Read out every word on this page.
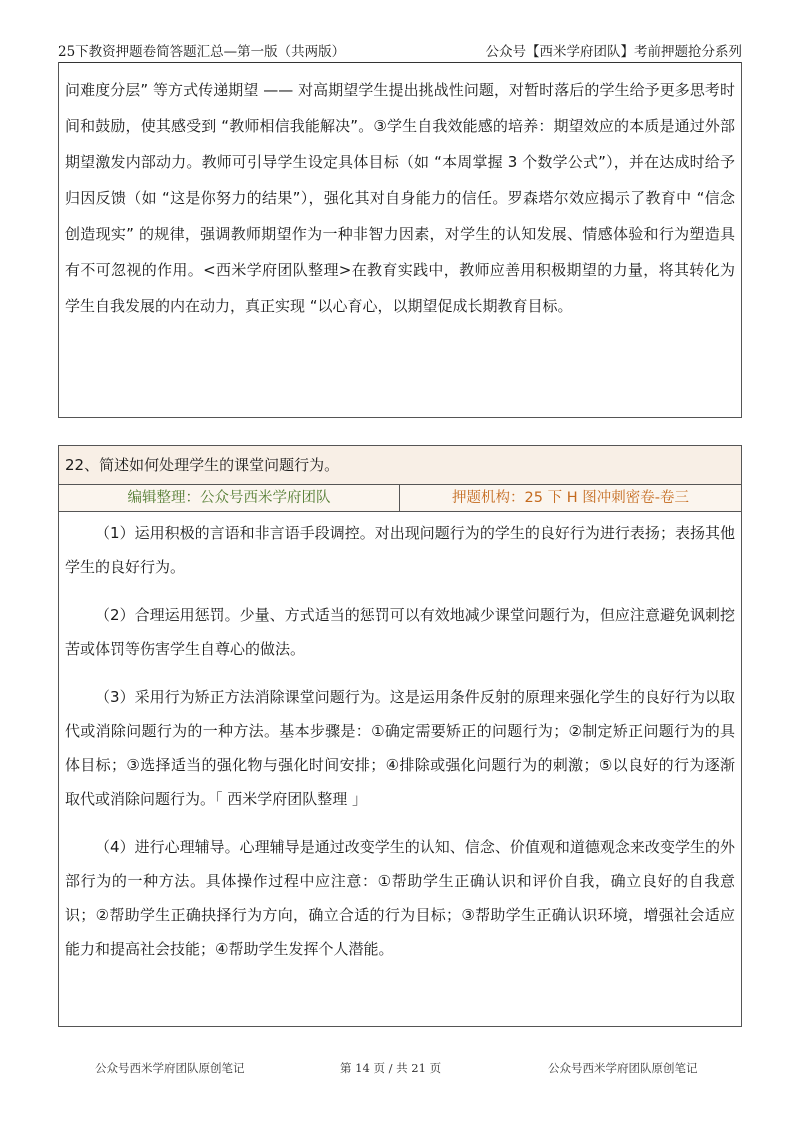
25下教资押题卷简答题汇总—第一版（共两版）	公众号【西米学府团队】考前押题抢分系列

问难度分层” 等方式传递期望 —— 对高期望学生提出挑战性问题，对暂时落后的学生给予更多思考时间和鼓励，使其感受到 “教师相信我能解决”。③学生自我效能感的培养：期望效应的本质是通过外部期望激发内部动力。教师可引导学生设定具体目标（如 “本周掌握 3 个数学公式”），并在达成时给予归因反馈（如 “这是你努力的结果”），强化其对自身能力的信任。罗森塔尔效应揭示了教育中 “信念创造现实” 的规律，强调教师期望作为一种非智力因素，对学生的认知发展、情感体验和行为塑造具有不可忽视的作用。<西米学府团队整理>在教育实践中，教师应善用积极期望的力量，将其转化为学生自我发展的内在动力，真正实现 “以心育心，以期望促成长期教育目标。

22、简述如何处理学生的课堂问题行为。
编辑整理：公众号西米学府团队	押题机构：25 下 H 图冲刺密卷-卷三

（1）运用积极的言语和非言语手段调控。对出现问题行为的学生的良好行为进行表扬；表扬其他学生的良好行为。

（2）合理运用惩罚。少量、方式适当的惩罚可以有效地减少课堂问题行为，但应注意避免讽刺挖苦或体罚等伤害学生自尊心的做法。

（3）采用行为矫正方法消除课堂问题行为。这是运用条件反射的原理来强化学生的良好行为以取代或消除问题行为的一种方法。基本步骤是：①确定需要矫正的问题行为；②制定矫正问题行为的具体目标；③选择适当的强化物与强化时间安排；④排除或强化问题行为的刺激；⑤以良好的行为逐渐取代或消除问题行为。「 西米学府团队整理 」

（4）进行心理辅导。心理辅导是通过改变学生的认知、信念、价值观和道德观念来改变学生的外部行为的一种方法。具体操作过程中应注意：①帮助学生正确认识和评价自我，确立良好的自我意识；②帮助学生正确抉择行为方向，确立合适的行为目标；③帮助学生正确认识环境，增强社会适应能力和提高社会技能；④帮助学生发挥个人潜能。

公众号西米学府团队原创笔记	第 14 页 / 共 21 页	公众号西米学府团队原创笔记
